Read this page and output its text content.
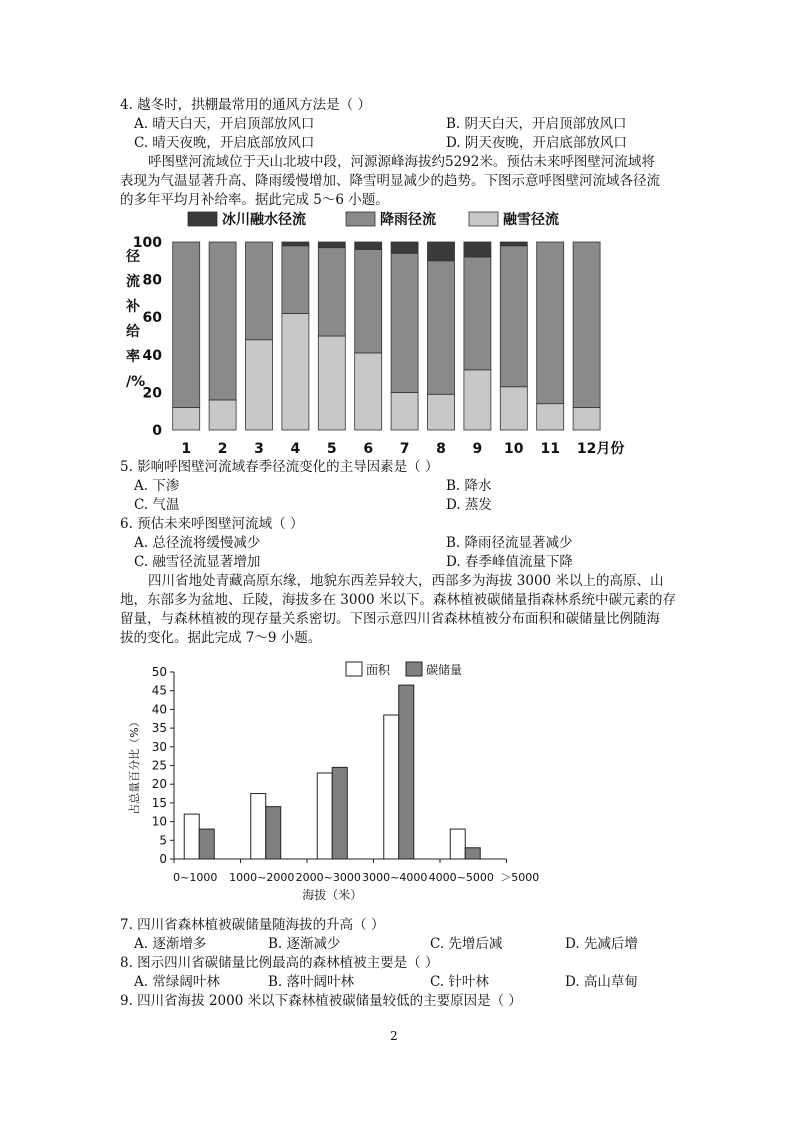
4. 越冬时，拱棚最常用的通风方法是（ ）
A. 晴天白天，开启顶部放风口	B. 阴天白天，开启顶部放风口
C. 晴天夜晚，开启底部放风口	D. 阴天夜晚，开启底部放风口
呼图壁河流域位于天山北坡中段，河源源峰海拔约5292米。预估未来呼图壁河流域将
表现为气温显著升高、降雨缓慢增加、降雪明显减少的趋势。下图示意呼图壁河流域各径流
的多年平均月补给率。据此完成 5～6 小题。
冰川融水径流	降雨径流	融雪径流
径
流
补
给
率
/%
0
20
40
60
80
100
1 2 3 4 5 6 7 8 9 10 11 12月份
5. 影响呼图壁河流域春季径流变化的主导因素是（ ）
A. 下渗	B. 降水
C. 气温	D. 蒸发
6. 预估未来呼图壁河流域（ ）
A. 总径流将缓慢减少	B. 降雨径流显著减少
C. 融雪径流显著增加	D. 春季峰值流量下降
四川省地处青藏高原东缘，地貌东西差异较大，西部多为海拔 3000 米以上的高原、山
地，东部多为盆地、丘陵，海拔多在 3000 米以下。森林植被碳储量指森林系统中碳元素的存
留量，与森林植被的现存量关系密切。下图示意四川省森林植被分布面积和碳储量比例随海
拔的变化。据此完成 7～9 小题。
面积	碳储量
0
5
10
15
20
25
30
35
40
45
50
占总量百分比（%）
0~1000 1000~2000 2000~3000 3000~4000 4000~5000 ＞5000
海拔（米）
7. 四川省森林植被碳储量随海拔的升高（ ）
A. 逐渐增多	B. 逐渐减少	C. 先增后减	D. 先减后增
8. 图示四川省碳储量比例最高的森林植被主要是（ ）
A. 常绿阔叶林	B. 落叶阔叶林	C. 针叶林	D. 高山草甸
9. 四川省海拔 2000 米以下森林植被碳储量较低的主要原因是（ ）
2
